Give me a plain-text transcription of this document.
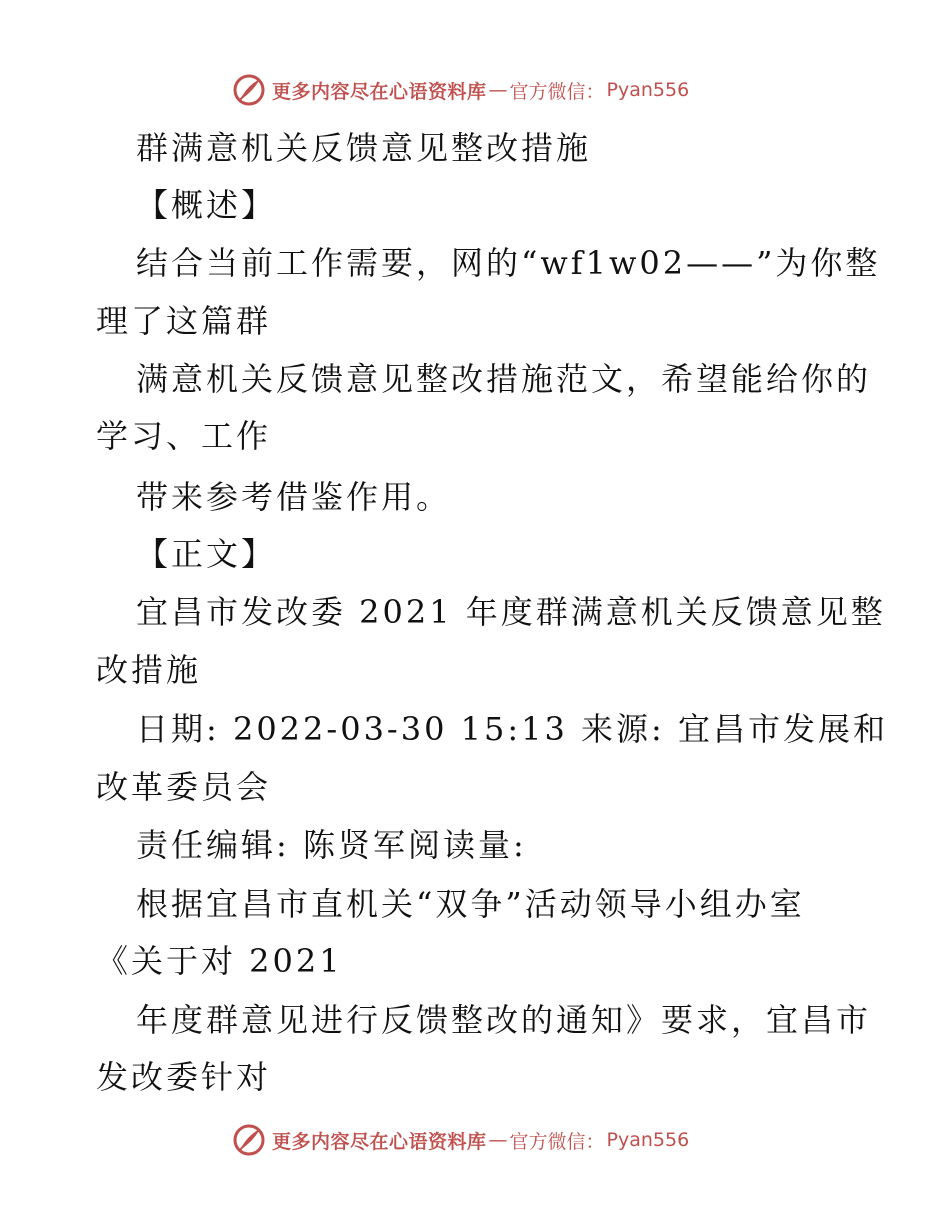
更多内容尽在心语资料库 — 官方微信： Pyan556
群满意机关反馈意见整改措施
【概述】
结合当前工作需要，网的“wf1w02——”为你整
理了这篇群
满意机关反馈意见整改措施范文，希望能给你的
学习、工作
带来参考借鉴作用。
【正文】
宜昌市发改委 2021 年度群满意机关反馈意见整
改措施
日期: 2022-03-30 15:13 来源: 宜昌市发展和
改革委员会
责任编辑: 陈贤军阅读量:
根据宜昌市直机关“双争”活动领导小组办室
《关于对 2021
年度群意见进行反馈整改的通知》要求，宜昌市
发改委针对
更多内容尽在心语资料库 — 官方微信： Pyan556
